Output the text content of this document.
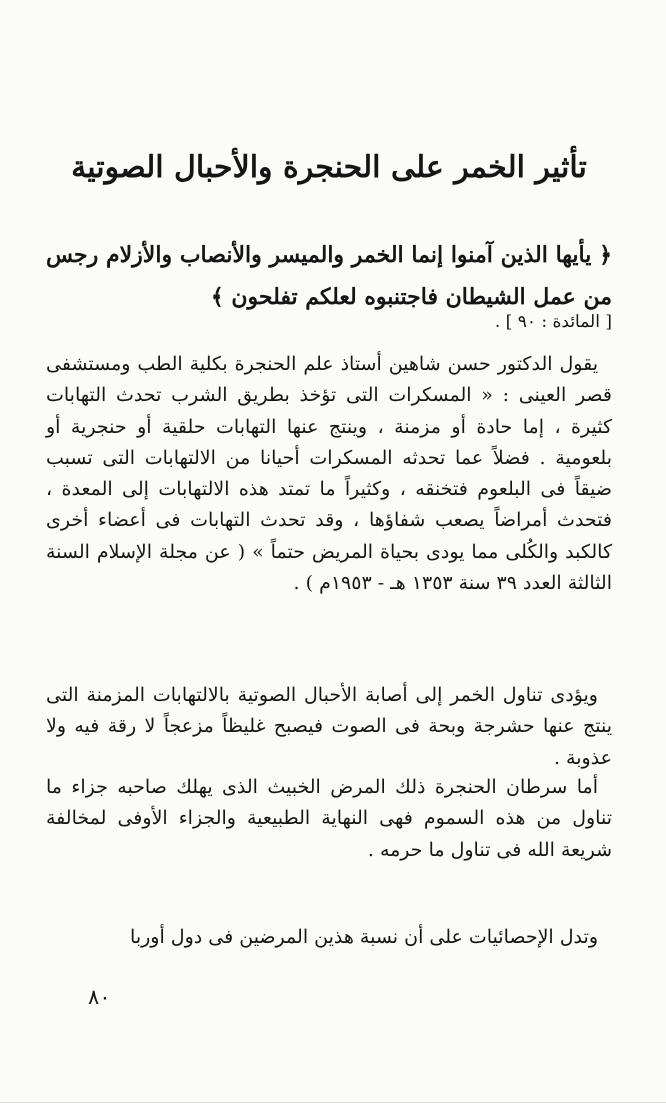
تأثير الخمر على الحنجرة والأحبال الصوتية

﴿ يأيها الذين آمنوا إنما الخمر والميسر والأنصاب والأزلام رجس من عمل الشيطان فاجتنبوه لعلكم تفلحون ﴾

[ المائدة : ٩٠ ] .

يقول الدكتور حسن شاهين أستاذ علم الحنجرة بكلية الطب ومستشفى قصر العينى : « المسكرات التى تؤخذ بطريق الشرب تحدث التهابات كثيرة ، إما حادة أو مزمنة ، وينتج عنها التهابات حلقية أو حنجرية أو بلعومية . فضلاً عما تحدثه المسكرات أحيانا من الالتهابات التى تسبب ضيقاً فى البلعوم فتخنقه ، وكثيراً ما تمتد هذه الالتهابات إلى المعدة ، فتحدث أمراضاً يصعب شفاؤها ، وقد تحدث التهابات فى أعضاء أخرى كالكبد والكُلى مما يودى بحياة المريض حتماً » ( عن مجلة الإسلام السنة الثالثة العدد ٣٩ سنة ١٣٥٣ هـ - ١٩٥٣م ) .

ويؤدى تناول الخمر إلى أصابة الأحبال الصوتية بالالتهابات المزمنة التى ينتج عنها حشرجة وبحة فى الصوت فيصبح غليظاً مزعجاً لا رقة فيه ولا عذوبة .

أما سرطان الحنجرة ذلك المرض الخبيث الذى يهلك صاحبه جزاء ما تناول من هذه السموم فهى النهاية الطبيعية والجزاء الأوفى لمخالفة شريعة الله فى تناول ما حرمه .

وتدل الإحصائيات على أن نسبة هذين المرضين فى دول أوربا

٨٠
